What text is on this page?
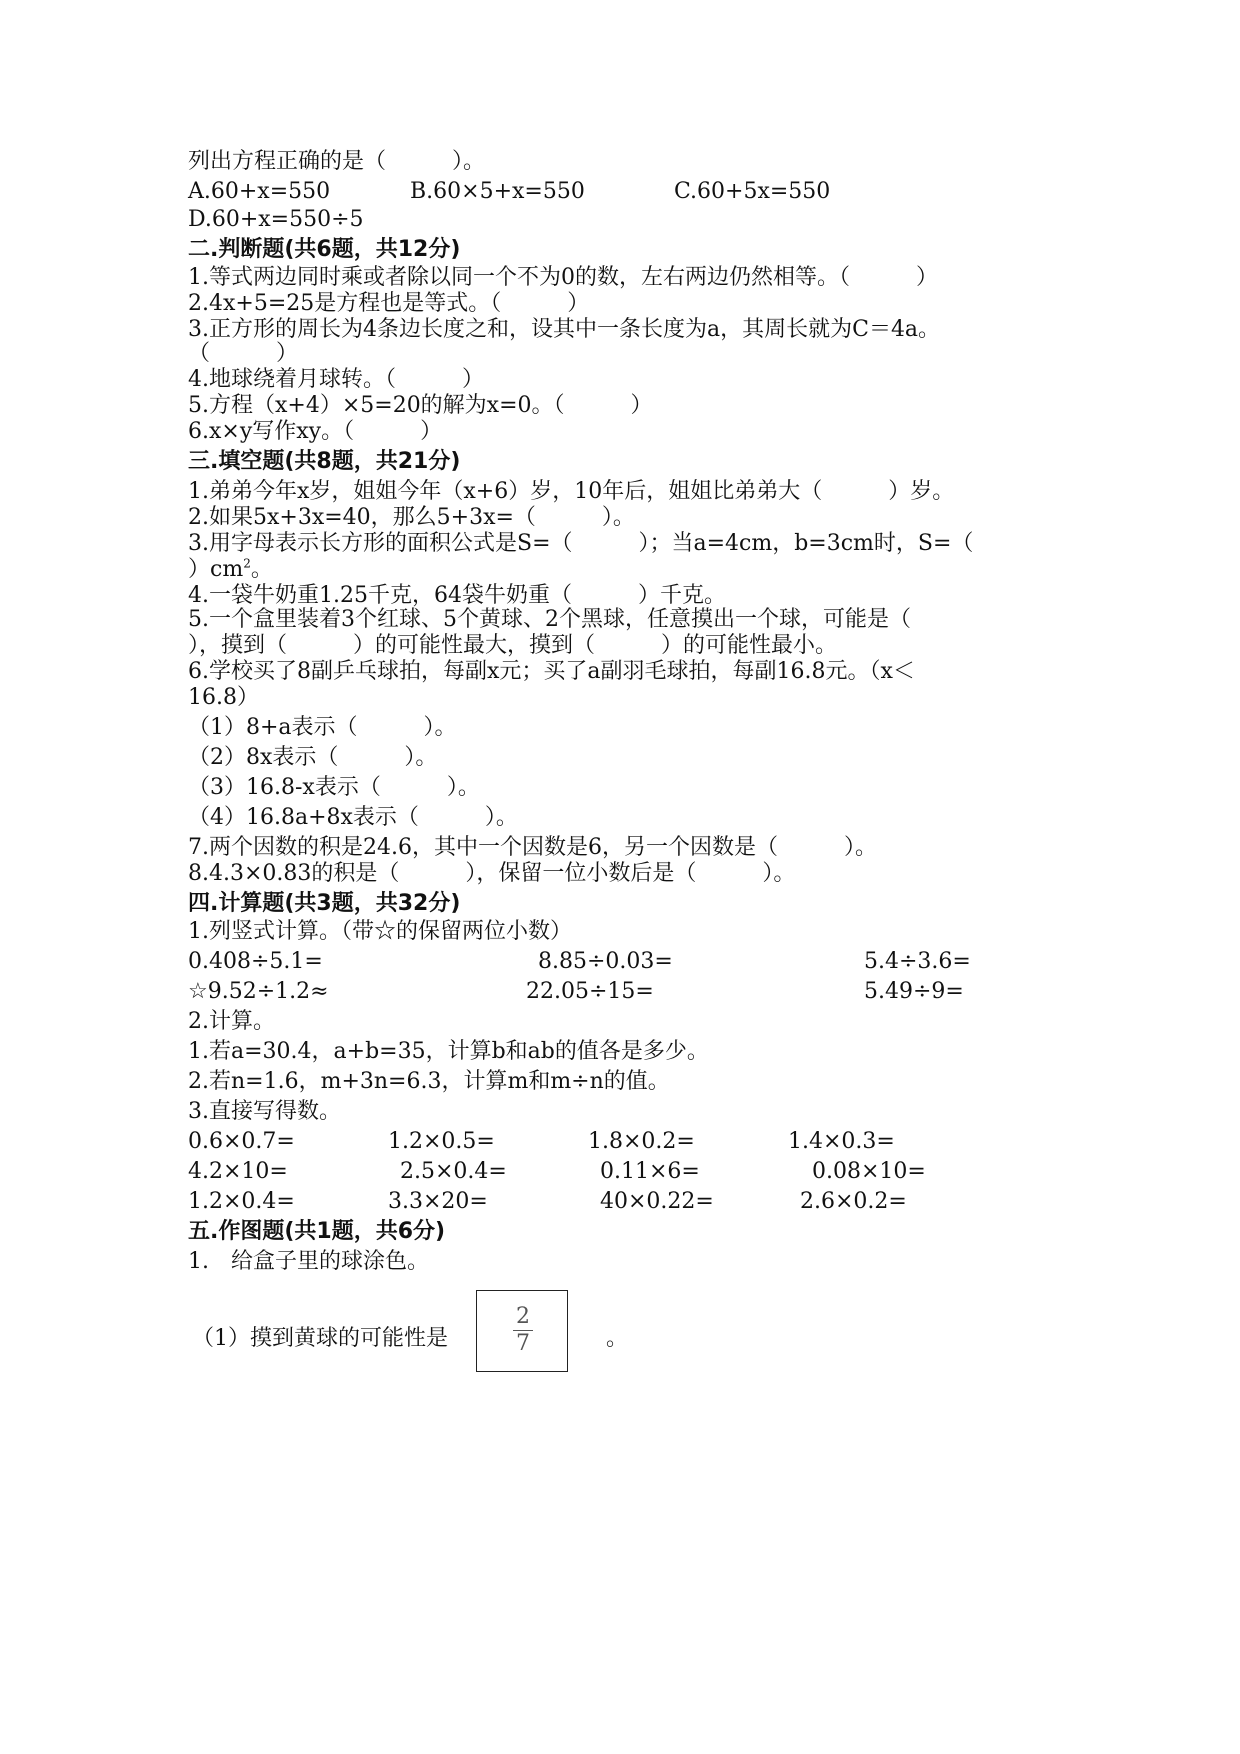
列出方程正确的是（　　　）。
A.60+x=550	B.60×5+x=550	C.60+5x=550
D.60+x=550÷5
二.判断题(共6题，共12分)
1.等式两边同时乘或者除以同一个不为0的数，左右两边仍然相等。（　　　）
2.4x+5=25是方程也是等式。（　　　）
3.正方形的周长为4条边长度之和，设其中一条长度为a，其周长就为C＝4a。
（　　　）
4.地球绕着月球转。（　　　）
5.方程（x+4）×5=20的解为x=0。（　　　）
6.x×y写作xy。（　　　）
三.填空题(共8题，共21分)
1.弟弟今年x岁，姐姐今年（x+6）岁，10年后，姐姐比弟弟大（　　　）岁。
2.如果5x+3x=40，那么5+3x=（　　　）。
3.用字母表示长方形的面积公式是S=（　　　）；当a=4cm，b=3cm时，S=（
）$cm^2$。
4.一袋牛奶重1.25千克，64袋牛奶重（　　　）千克。
5.一个盒里装着3个红球、5个黄球、2个黑球，任意摸出一个球，可能是（
），摸到（　　　）的可能性最大，摸到（　　　）的可能性最小。
6.学校买了8副乒乓球拍，每副x元；买了a副羽毛球拍，每副16.8元。（x＜
16.8）
（1）8+a表示（　　　）。
（2）8x表示（　　　）。
（3）16.8-x表示（　　　）。
（4）16.8a+8x表示（　　　）。
7.两个因数的积是24.6，其中一个因数是6，另一个因数是（　　　）。
8.4.3×0.83的积是（　　　），保留一位小数后是（　　　）。
四.计算题(共3题，共32分)
1.列竖式计算。（带☆的保留两位小数）
0.408÷5.1=	8.85÷0.03=	5.4÷3.6=
☆9.52÷1.2≈	22.05÷15=	5.49÷9=
2.计算。
1.若a=30.4，a+b=35，计算b和ab的值各是多少。
2.若n=1.6，m+3n=6.3，计算m和m÷n的值。
3.直接写得数。
0.6×0.7=	1.2×0.5=	1.8×0.2=	1.4×0.3=
4.2×10=	2.5×0.4=	0.11×6=	0.08×10=
1.2×0.4=	3.3×20=	40×0.22=	2.6×0.2=
五.作图题(共1题，共6分)
1.　给盒子里的球涂色。
（1）摸到黄球的可能性是
2
7	。
